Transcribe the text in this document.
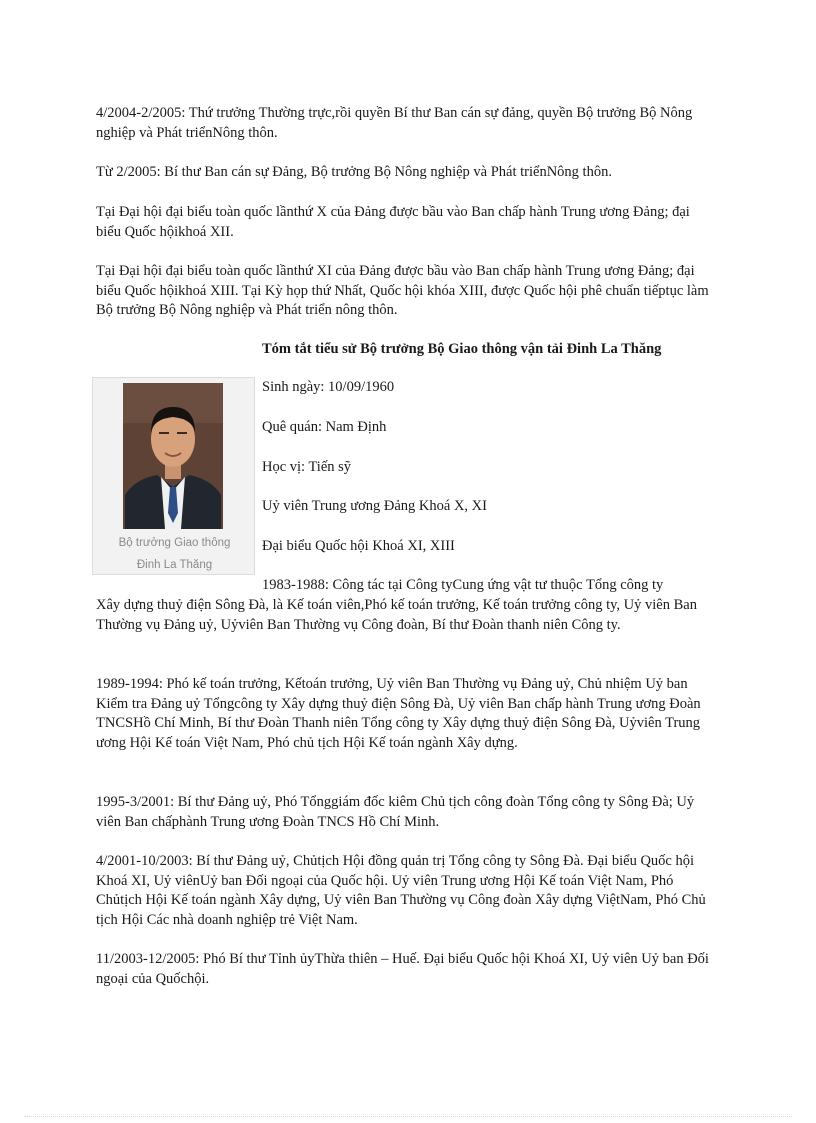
4/2004-2/2005: Thứ trưởng Thường trực,rồi quyền Bí thư Ban cán sự đảng, quyền Bộ trưởng Bộ Nông nghiệp và Phát triểnNông thôn.

Từ 2/2005: Bí thư Ban cán sự Đảng, Bộ trưởng Bộ Nông nghiệp và Phát triểnNông thôn.

Tại Đại hội đại biểu toàn quốc lầnthứ X của Đảng được bầu vào Ban chấp hành Trung ương Đảng; đại biểu Quốc hộikhoá XII.

Tại Đại hội đại biểu toàn quốc lầnthứ XI của Đảng được bầu vào Ban chấp hành Trung ương Đảng; đại biểu Quốc hộikhoá XIII. Tại Kỳ họp thứ Nhất, Quốc hội khóa XIII, được Quốc hội phê chuẩn tiếptục làm Bộ trưởng Bộ Nông nghiệp và Phát triển nông thôn.

Tóm tắt tiểu sử Bộ trưởng Bộ Giao thông vận tải Đinh La Thăng

Bộ trưởng Giao thông
Đinh La Thăng

Sinh ngày: 10/09/1960

Quê quán: Nam Định

Học vị: Tiến sỹ

Uỷ viên Trung ương Đảng Khoá X, XI

Đại biểu Quốc hội Khoá XI, XIII

1983-1988: Công tác tại Công tyCung ứng vật tư thuộc Tổng công ty

Xây dựng thuỷ điện Sông Đà, là Kế toán viên,Phó kế toán trưởng, Kế toán trưởng công ty, Uỷ viên Ban Thường vụ Đảng uỷ, Uỷviên Ban Thường vụ Công đoàn, Bí thư Đoàn thanh niên Công ty.

1989-1994: Phó kế toán trưởng, Kếtoán trưởng, Uỷ viên Ban Thường vụ Đảng uỷ, Chủ nhiệm Uỷ ban Kiểm tra Đảng uỷ Tổngcông ty Xây dựng thuỷ điện Sông Đà, Uỷ viên Ban chấp hành Trung ương Đoàn TNCSHồ Chí Minh, Bí thư Đoàn Thanh niên Tổng công ty Xây dựng thuỷ điện Sông Đà, Uỷviên Trung ương Hội Kế toán Việt Nam, Phó chủ tịch Hội Kế toán ngành Xây dựng.

1995-3/2001: Bí thư Đảng uỷ, Phó Tổnggiám đốc kiêm Chủ tịch công đoàn Tổng công ty Sông Đà; Uỷ viên Ban chấphành Trung ương Đoàn TNCS Hồ Chí Minh.

4/2001-10/2003: Bí thư Đảng uỷ, Chủtịch Hội đồng quản trị Tổng công ty Sông Đà. Đại biểu Quốc hội Khoá XI, Uỷ viênUỷ ban Đối ngoại của Quốc hội. Uỷ viên Trung ương Hội Kế toán Việt Nam, Phó Chủtịch Hội Kế toán ngành Xây dựng, Uỷ viên Ban Thường vụ Công đoàn Xây dựng ViệtNam, Phó Chủ tịch Hội Các nhà doanh nghiệp trẻ Việt Nam.

11/2003-12/2005: Phó Bí thư Tỉnh ủyThừa thiên – Huế. Đại biểu Quốc hội Khoá XI, Uỷ viên Uỷ ban Đối ngoại của Quốchội.
